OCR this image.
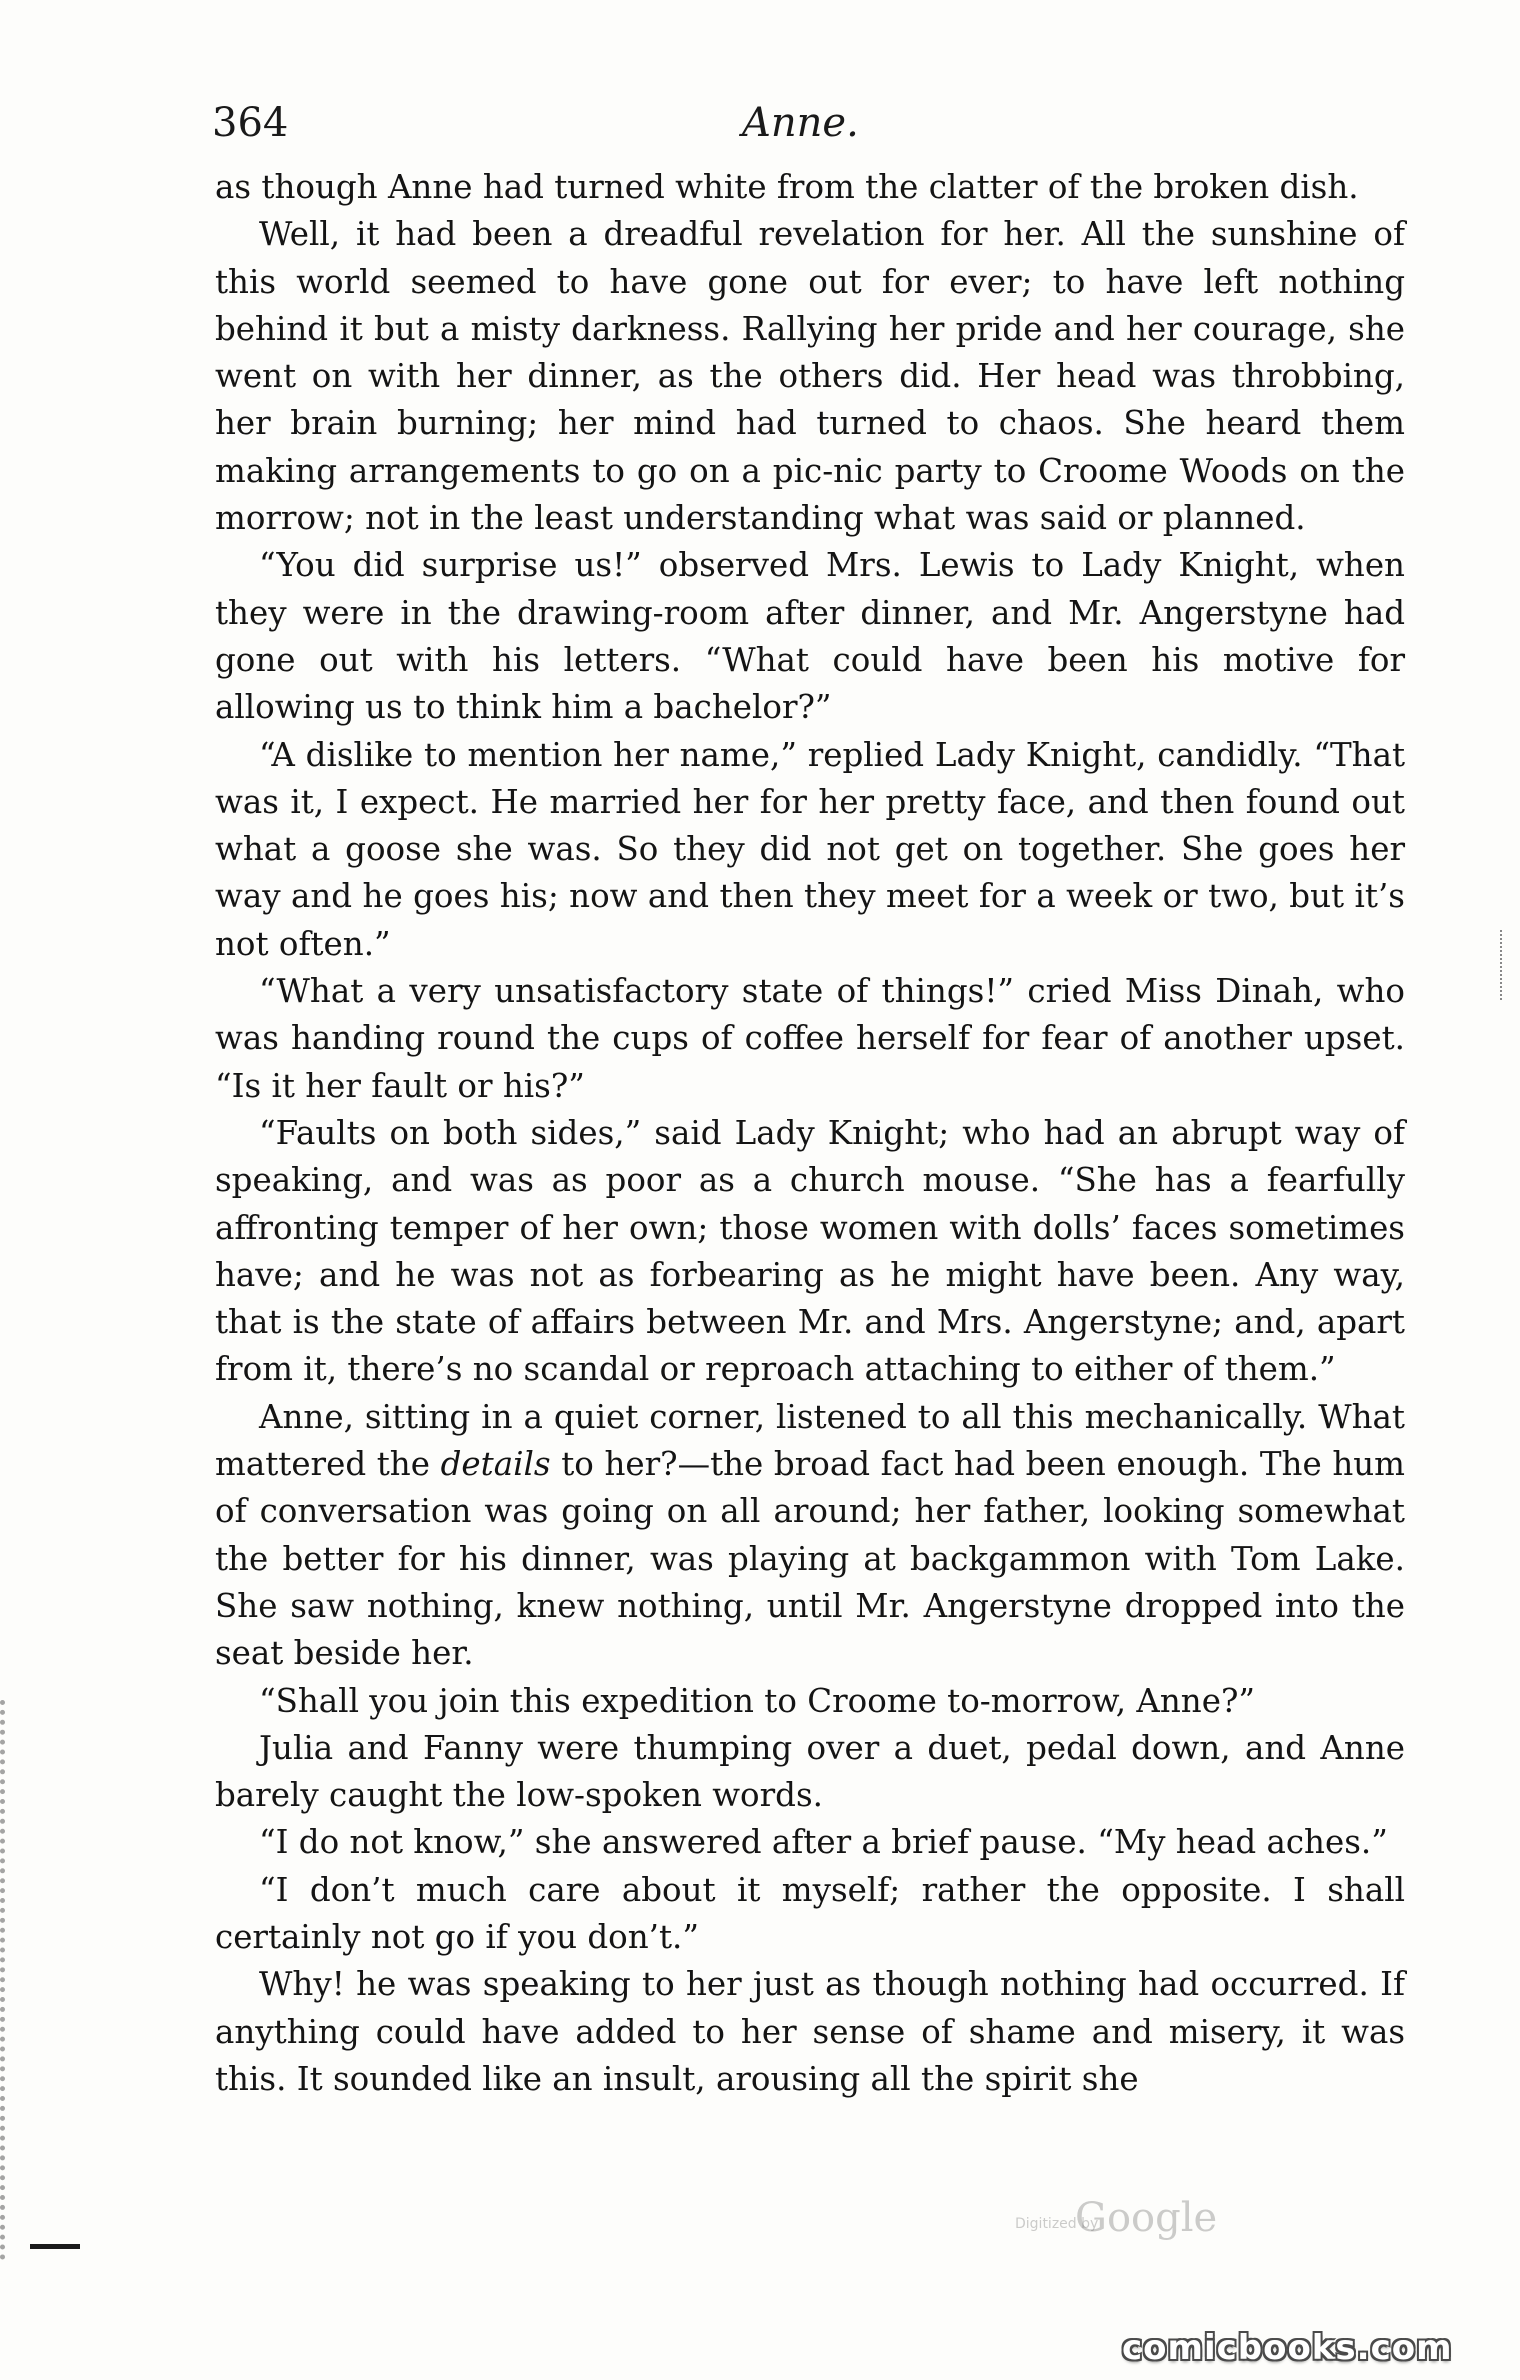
364	Anne.

as though Anne had turned white from the clatter of the broken dish.

Well, it had been a dreadful revelation for her. All the sunshine of this world seemed to have gone out for ever; to have left nothing behind it but a misty darkness. Rallying her pride and her courage, she went on with her dinner, as the others did. Her head was throbbing, her brain burning; her mind had turned to chaos. She heard them making arrangements to go on a pic-nic party to Croome Woods on the morrow; not in the least understanding what was said or planned.

“You did surprise us!” observed Mrs. Lewis to Lady Knight, when they were in the drawing-room after dinner, and Mr. Angerstyne had gone out with his letters. “What could have been his motive for allowing us to think him a bachelor?”

“A dislike to mention her name,” replied Lady Knight, candidly. “That was it, I expect. He married her for her pretty face, and then found out what a goose she was. So they did not get on together. She goes her way and he goes his; now and then they meet for a week or two, but it’s not often.”

“What a very unsatisfactory state of things!” cried Miss Dinah, who was handing round the cups of coffee herself for fear of another upset. “Is it her fault or his?”

“Faults on both sides,” said Lady Knight; who had an abrupt way of speaking, and was as poor as a church mouse. “She has a fearfully affronting temper of her own; those women with dolls’ faces sometimes have; and he was not as forbearing as he might have been. Any way, that is the state of affairs between Mr. and Mrs. Angerstyne; and, apart from it, there’s no scandal or reproach attaching to either of them.”

Anne, sitting in a quiet corner, listened to all this mechanically. What mattered the details to her?—the broad fact had been enough. The hum of conversation was going on all around; her father, looking somewhat the better for his dinner, was playing at backgammon with Tom Lake. She saw nothing, knew nothing, until Mr. Angerstyne dropped into the seat beside her.

“Shall you join this expedition to Croome to-morrow, Anne?”

Julia and Fanny were thumping over a duet, pedal down, and Anne barely caught the low-spoken words.

“I do not know,” she answered after a brief pause. “My head aches.”

“I don’t much care about it myself; rather the opposite. I shall certainly not go if you don’t.”

Why! he was speaking to her just as though nothing had occurred. If anything could have added to her sense of shame and misery, it was this. It sounded like an insult, arousing all the spirit she

Digitized by
Google
comicbooks.com
